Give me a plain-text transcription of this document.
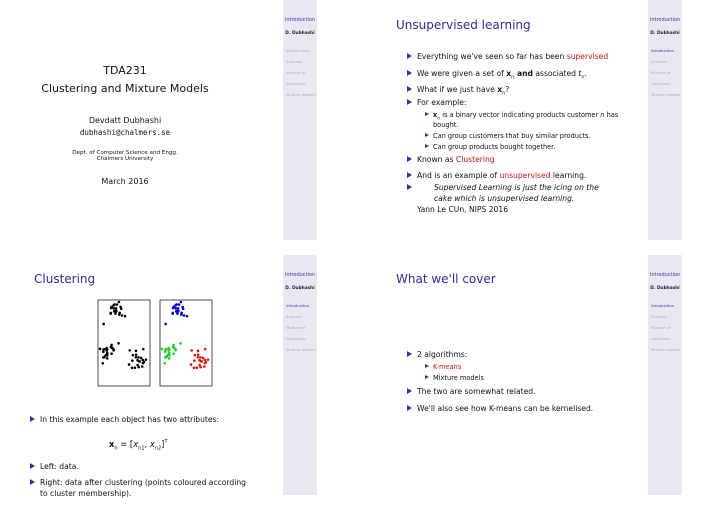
TDA231
Clustering and Mixture Models
Devdatt Dubhashi
dubhashi@chalmers.se
Dept. of Computer Science and Engg.
Chalmers University
March 2016
Introduction
D. Dubhashi
Introduction
K-means
Mixture of Gaussians
Mixture models
Unsupervised learning
Everything we've seen so far has been supervised
We were given a set of $x_n$ and associated $t_n$.
What if we just have $x_n$?
For example:
$x_n$ is a binary vector indicating products customer n has
bought.
Can group customers that buy similar products.
Can group products bought together.
Known as Clustering
And is an example of unsupervised learning.
Supervised Learning is just the icing on the
cake which is unsupervised learning.
Yann Le CUn, NIPS 2016
Introduction
D. Dubhashi
Introduction
K-means
Mixture of Gaussians
Mixture models
Clustering
In this example each object has two attributes:
$x_n = [x_{n1}$, $x_{n2}]^T$
Left: data.
Right: data after clustering (points coloured according
to cluster membership).
Introduction
D. Dubhashi
Introduction
K-means
Mixture of Gaussians
Mixture models
What we'll cover
2 algorithms:
K-means
Mixture models
The two are somewhat related.
We'll also see how K-means can be kernelised.
Introduction
D. Dubhashi
Introduction
K-means
Mixture of Gaussians
Mixture models
